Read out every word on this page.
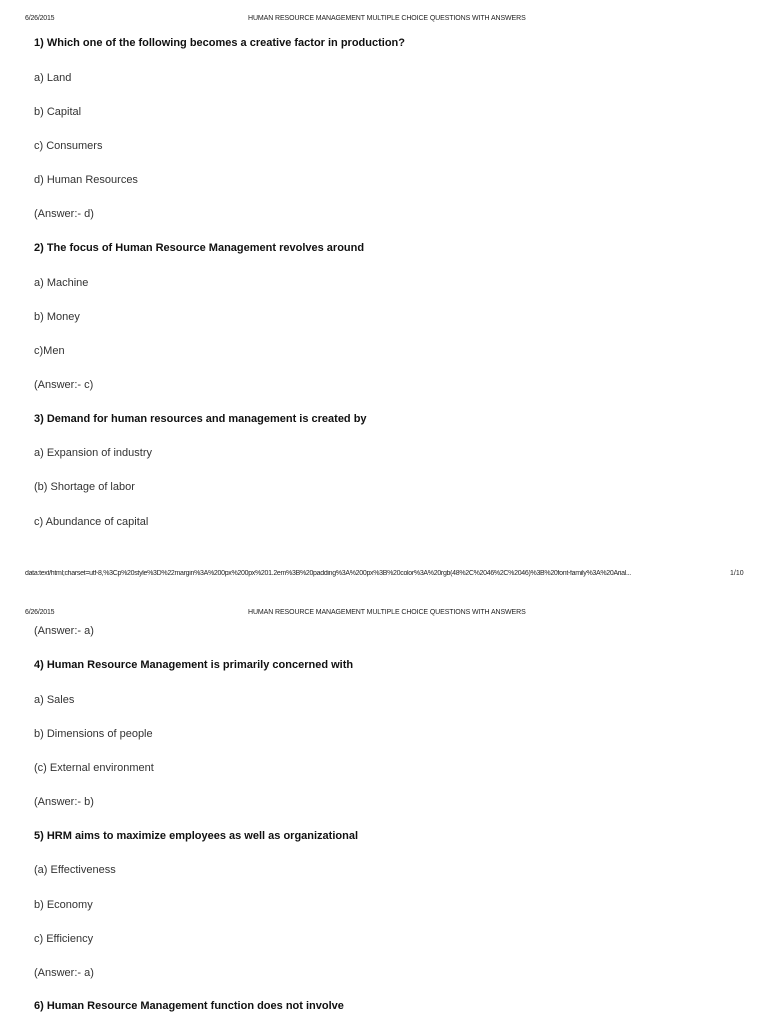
6/26/2015	HUMAN RESOURCE MANAGEMENT MULTIPLE CHOICE QUESTIONS WITH ANSWERS
1) Which one of the following becomes a creative factor in production?
a) Land
b) Capital
c) Consumers
d) Human Resources
(Answer:- d)
2) The focus of Human Resource Management revolves around
a) Machine
b) Money
c)Men
(Answer:- c)
3) Demand for human resources and management is created by
a) Expansion of industry
(b) Shortage of labor
c) Abundance of capital
data:text/html;charset=utf-8,%3Cp%20style%3D%22margin%3A%200px%200px%201.2em%3B%20padding%3A%200px%3B%20color%3A%20rgb(48%2C%2046%2C%2046)%3B%20font-family%3A%20Arial...	1/10
6/26/2015	HUMAN RESOURCE MANAGEMENT MULTIPLE CHOICE QUESTIONS WITH ANSWERS
(Answer:- a)
4) Human Resource Management is primarily concerned with
a) Sales
b) Dimensions of people
(c) External environment
(Answer:- b)
5) HRM aims to maximize employees as well as organizational
(a) Effectiveness
b) Economy
c) Efficiency
(Answer:- a)
6) Human Resource Management function does not involve
